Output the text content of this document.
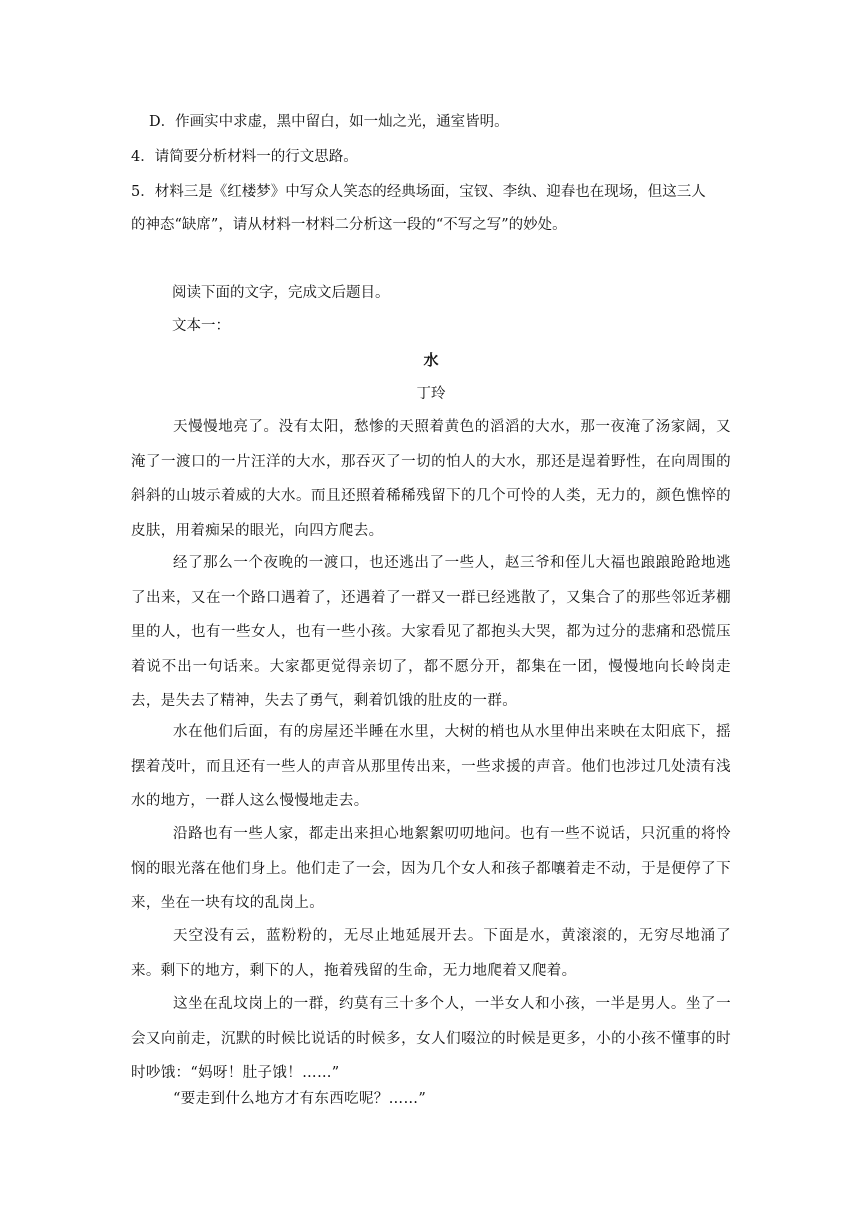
D．作画实中求虚，黑中留白，如一灿之光，通室皆明。
4．请简要分析材料一的行文思路。
5．材料三是《红楼梦》中写众人笑态的经典场面，宝钗、李纨、迎春也在现场，但这三人
的神态“缺席”，请从材料一材料二分析这一段的“不写之写”的妙处。
阅读下面的文字，完成文后题目。
文本一：
水
丁玲

天慢慢地亮了。没有太阳，愁惨的天照着黄色的滔滔的大水，那一夜淹了汤家阔，又淹了一渡口的一片汪洋的大水，那吞灭了一切的怕人的大水，那还是逞着野性，在向周围的斜斜的山坡示着威的大水。而且还照着稀稀残留下的几个可怜的人类，无力的，颜色憔悴的皮肤，用着痴呆的眼光，向四方爬去。

经了那么一个夜晚的一渡口，也还逃出了一些人，赵三爷和侄儿大福也踉踉跄跄地逃了出来，又在一个路口遇着了，还遇着了一群又一群已经逃散了，又集合了的那些邻近茅棚里的人，也有一些女人，也有一些小孩。大家看见了都抱头大哭，都为过分的悲痛和恐慌压着说不出一句话来。大家都更觉得亲切了，都不愿分开，都集在一团，慢慢地向长岭岗走去，是失去了精神，失去了勇气，剩着饥饿的肚皮的一群。

水在他们后面，有的房屋还半睡在水里，大树的梢也从水里伸出来映在太阳底下，摇摆着茂叶，而且还有一些人的声音从那里传出来，一些求援的声音。他们也涉过几处渍有浅水的地方，一群人这么慢慢地走去。

沿路也有一些人家，都走出来担心地絮絮叨叨地问。也有一些不说话，只沉重的将怜悯的眼光落在他们身上。他们走了一会，因为几个女人和孩子都嚷着走不动，于是便停了下来，坐在一块有坟的乱岗上。

天空没有云，蓝粉粉的，无尽止地延展开去。下面是水，黄滚滚的，无穷尽地涌了来。剩下的地方，剩下的人，拖着残留的生命，无力地爬着又爬着。

这坐在乱坟岗上的一群，约莫有三十多个人，一半女人和小孩，一半是男人。坐了一会又向前走，沉默的时候比说话的时候多，女人们啜泣的时候是更多，小的小孩不懂事的时时吵饿：“妈呀！肚子饿！……”

“要走到什么地方才有东西吃呢？……”
